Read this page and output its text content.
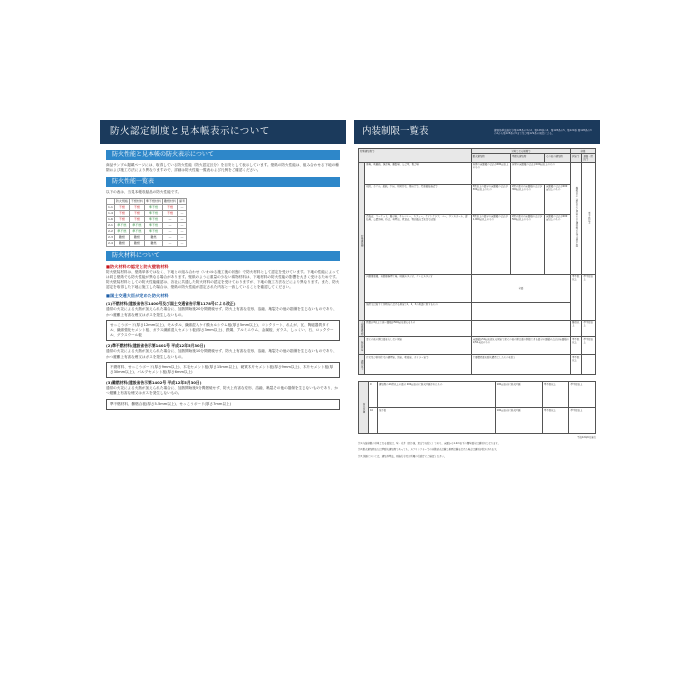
防火認定制度と見本帳表示について
防火性能と見本帳の防火表示について
商品サンプル掲載ページには、取得している防火性能（防火認定区分）を目安として表示しています。壁紙の防火性能は、組み合わせる下地の種類および施工方法により異なりますので、詳細は防火性能一覧表および凡例をご確認ください。
防火性能一覧表
以下の表は、当見本帳収録品の防火性能です。
	防火規格	不燃材料	準不燃材料	難燃材料	備考
1-1	不燃	不燃	準不燃	不燃	—
1-4	不燃	不燃	準不燃	不燃	—
1-6	不燃	不燃	準不燃	—	—
2-1	準不燃	準不燃	準不燃	—	—
2-2	準不燃	準不燃	準不燃	—	—
2-3	難燃	難燃	難燃	—	—
2-4	難燃	難燃	難燃	—	—
防火材料について
■防火材料の認定と防火壁装材料
防火壁装材料は、壁紙単体ではなく、下地との組み合わせ（いわゆる施工後の状態）で防火材料として認定を受けています。下地の性能によっては同じ壁紙でも防火性能が異なる場合があります。壁紙のように重量の少ない薄物材料は、下地材料の防火性能の影響を大きく受けるためです。
防火壁装材料としての防火性能確認は、各社に共通した防火材料の認定を受けておりますが、下地の施工方法などにより異なります。また、防火認定を取得した下地に施工した場合は、壁紙の防火性能が認定された内容と一致していることを確認してください。
■国土交通大臣が定めた防火材料
(1)不燃材料(建設省告示1400号及び国土交通省告示第1178号による改正)
通常の火災による火熱が加えられた場合に、加熱開始後20分間燃焼せず、防火上有害な変形、溶融、亀裂その他の損傷を生じないものであり、かつ避難上有害な煙又はガスを発生しないもの。
せっこうボード(厚さ12mm以上)、モルタル、繊維混入ケイ酸カルシウム板(厚さ5mm以上)、コンクリート、れんが、瓦、陶磁器質タイル、繊維強化セメント板、ガラス繊維混入セメント板(厚さ3mm以上)、鉄鋼、アルミニウム、金属板、ガラス、しっくい、石、ロックウール、グラスウール板
(2)準不燃材料(建設省告示第1401号 平成12年5月30日)
通常の火災による火熱が加えられた場合に、加熱開始後10分間燃焼せず、防火上有害な変形、溶融、亀裂その他の損傷を生じないものであり、かつ避難上有害な煙又はガスを発生しないもの。
不燃材料、せっこうボード(厚さ9mm以上)、木毛セメント板(厚さ15mm以上)、硬質木片セメント板(厚さ9mm以上)、木片セメント板(厚さ30mm以上)、パルプセメント板(厚さ6mm以上)
(3)難燃材料(建設省告示第1402号 平成12年5月30日)
通常の火災による火熱が加えられた場合に、加熱開始後5分間燃焼せず、防火上有害な変形、溶融、亀裂その他の損傷を生じないものであり、かつ避難上有害な煙又はガスを発生しないもの。
準不燃材料、難燃合板(厚さ5.5mm以上)、せっこうボード(厚さ7mm以上)
内装制限一覧表	建築基準法施行令第128条の3の2、第128条の4、第128条の5、第129条 第128条の3の2から第128条の5まで及び第129条の規定による。
特殊建築物等		対象となる規模等			制限	
		耐火建築物	準耐火建築物	その他の建築物	居室等	通路・階段等
特殊建築物	劇場、映画館、演芸場、観覧場、公会堂、集会場	客席の床面積の合計が400㎡以上のもの	客席の床面積の合計が100㎡以上のもの		難燃以上（3階以上に居室のある建築物の天井は準不燃）	準不燃以上
	病院、ホテル、旅館、下宿、共同住宅、寄宿舎等、児童福祉施設等	3階以上の部分の床面積の合計が300㎡以上のもの	2階の部分の床面積の合計が300㎡以上のもの	床面積の合計が200㎡以上のもの		
	百貨店、マーケット、展示場、キャバレー、カフェー、ナイトクラブ、バー、ダンスホール、遊技場、公衆浴場、待合、料理店、飲食店、物品販売業を営む店舗	3階以上の部分の床面積の合計が1,000㎡以上のもの	2階の部分の床面積の合計が500㎡以上のもの	床面積の合計が200㎡以上のもの		
	自動車車庫、自動車修理工場、映画スタジオ、テレビスタジオ	全部			準不燃以上	準不燃以上
	地階又は地下工作物内に設ける居室で1、2、3の用途に供するもの					
大規模建築物	階数が3以上で延べ面積が500㎡を超えるもの				難燃以上	準不燃以上
無窓居室	窓その他の開口部を有しない居室	床面積が50㎡を超える居室で窓その他の開口部の開放できる部分の面積の合計が床面積の1/50未満のもの			準不燃以上	準不燃以上
調理室等	住宅及び併用住宅の調理室、浴室、乾燥室、ボイラー室等	主要構造部を耐火構造としたものを除く			準不燃以上	
防火区画	9	建築物の11階以上の部分 200㎡以内に防火区画されたもの	100㎡以内に防火区画	準不燃以上	準不燃以上
	10	地下街	100㎡以内に防火区画	準不燃以上	準不燃以上
平成12年6月施行
注1 内装制限の対象となる部位は、壁・天井（回り縁、窓台等を除く）であり、床面から1.2m以下の腰壁部分は適用外となります。
注2 耐火建築物または準耐火建築物であっても、スプリンクラー等の自動消火設備と排煙設備を設けた場合は適用が除外されます。
注3 詳細については、建築基準法、同施行令及び所轄の行政庁にご確認ください。
